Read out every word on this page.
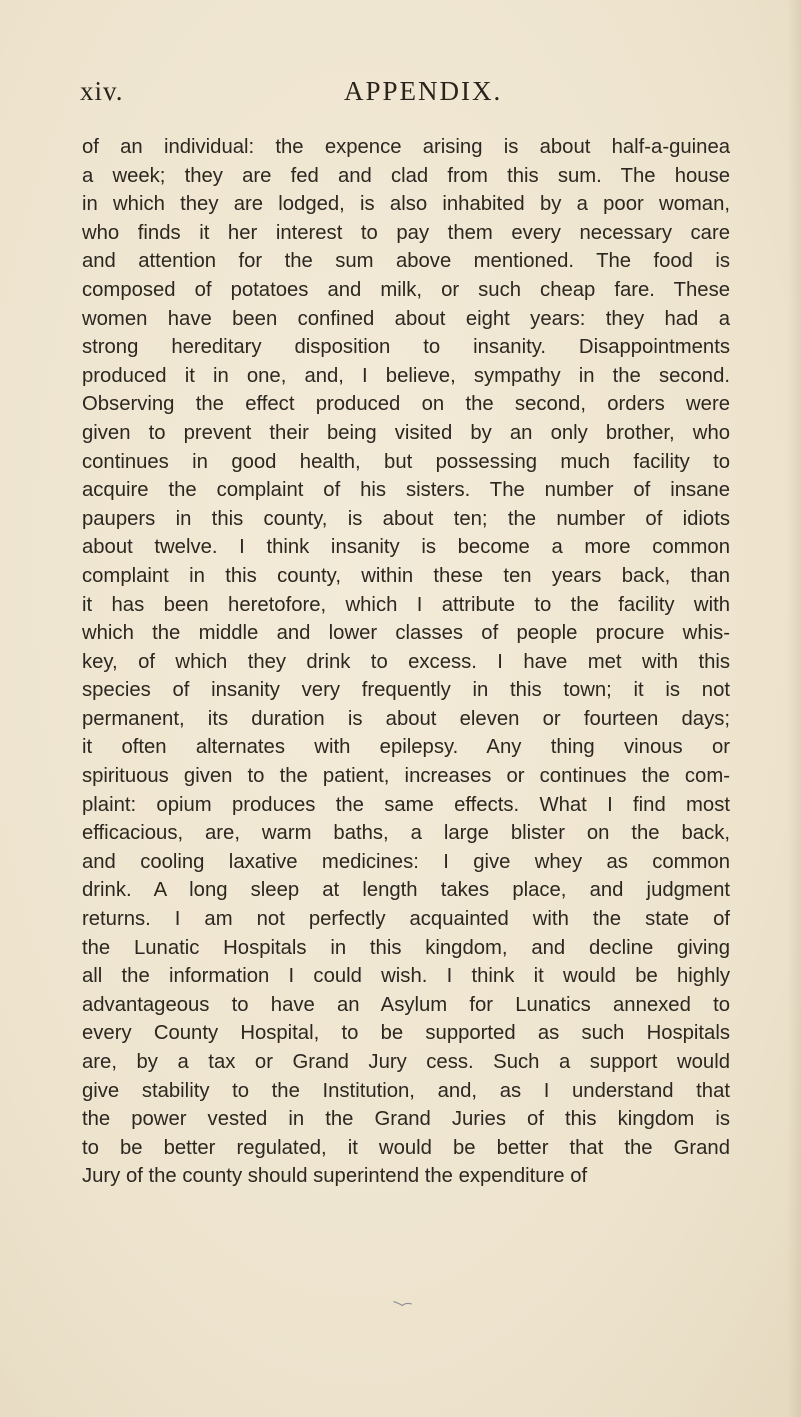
xiv.	APPENDIX.
of an individual: the expence arising is about half-a-guinea
a week; they are fed and clad from this sum. The house
in which they are lodged, is also inhabited by a poor woman,
who finds it her interest to pay them every necessary care
and attention for the sum above mentioned. The food is
composed of potatoes and milk, or such cheap fare. These
women have been confined about eight years: they had a
strong hereditary disposition to insanity. Disappointments
produced it in one, and, I believe, sympathy in the second.
Observing the effect produced on the second, orders were
given to prevent their being visited by an only brother, who
continues in good health, but possessing much facility to
acquire the complaint of his sisters. The number of insane
paupers in this county, is about ten; the number of idiots
about twelve. I think insanity is become a more common
complaint in this county, within these ten years back, than
it has been heretofore, which I attribute to the facility with
which the middle and lower classes of people procure whis-
key, of which they drink to excess. I have met with this
species of insanity very frequently in this town; it is not
permanent, its duration is about eleven or fourteen days;
it often alternates with epilepsy. Any thing vinous or
spirituous given to the patient, increases or continues the com-
plaint: opium produces the same effects. What I find most
efficacious, are, warm baths, a large blister on the back,
and cooling laxative medicines: I give whey as common
drink. A long sleep at length takes place, and judgment
returns. I am not perfectly acquainted with the state of
the Lunatic Hospitals in this kingdom, and decline giving
all the information I could wish. I think it would be highly
advantageous to have an Asylum for Lunatics annexed to
every County Hospital, to be supported as such Hospitals
are, by a tax or Grand Jury cess. Such a support would
give stability to the Institution, and, as I understand that
the power vested in the Grand Juries of this kingdom is
to be better regulated, it would be better that the Grand
Jury of the county should superintend the expenditure of
